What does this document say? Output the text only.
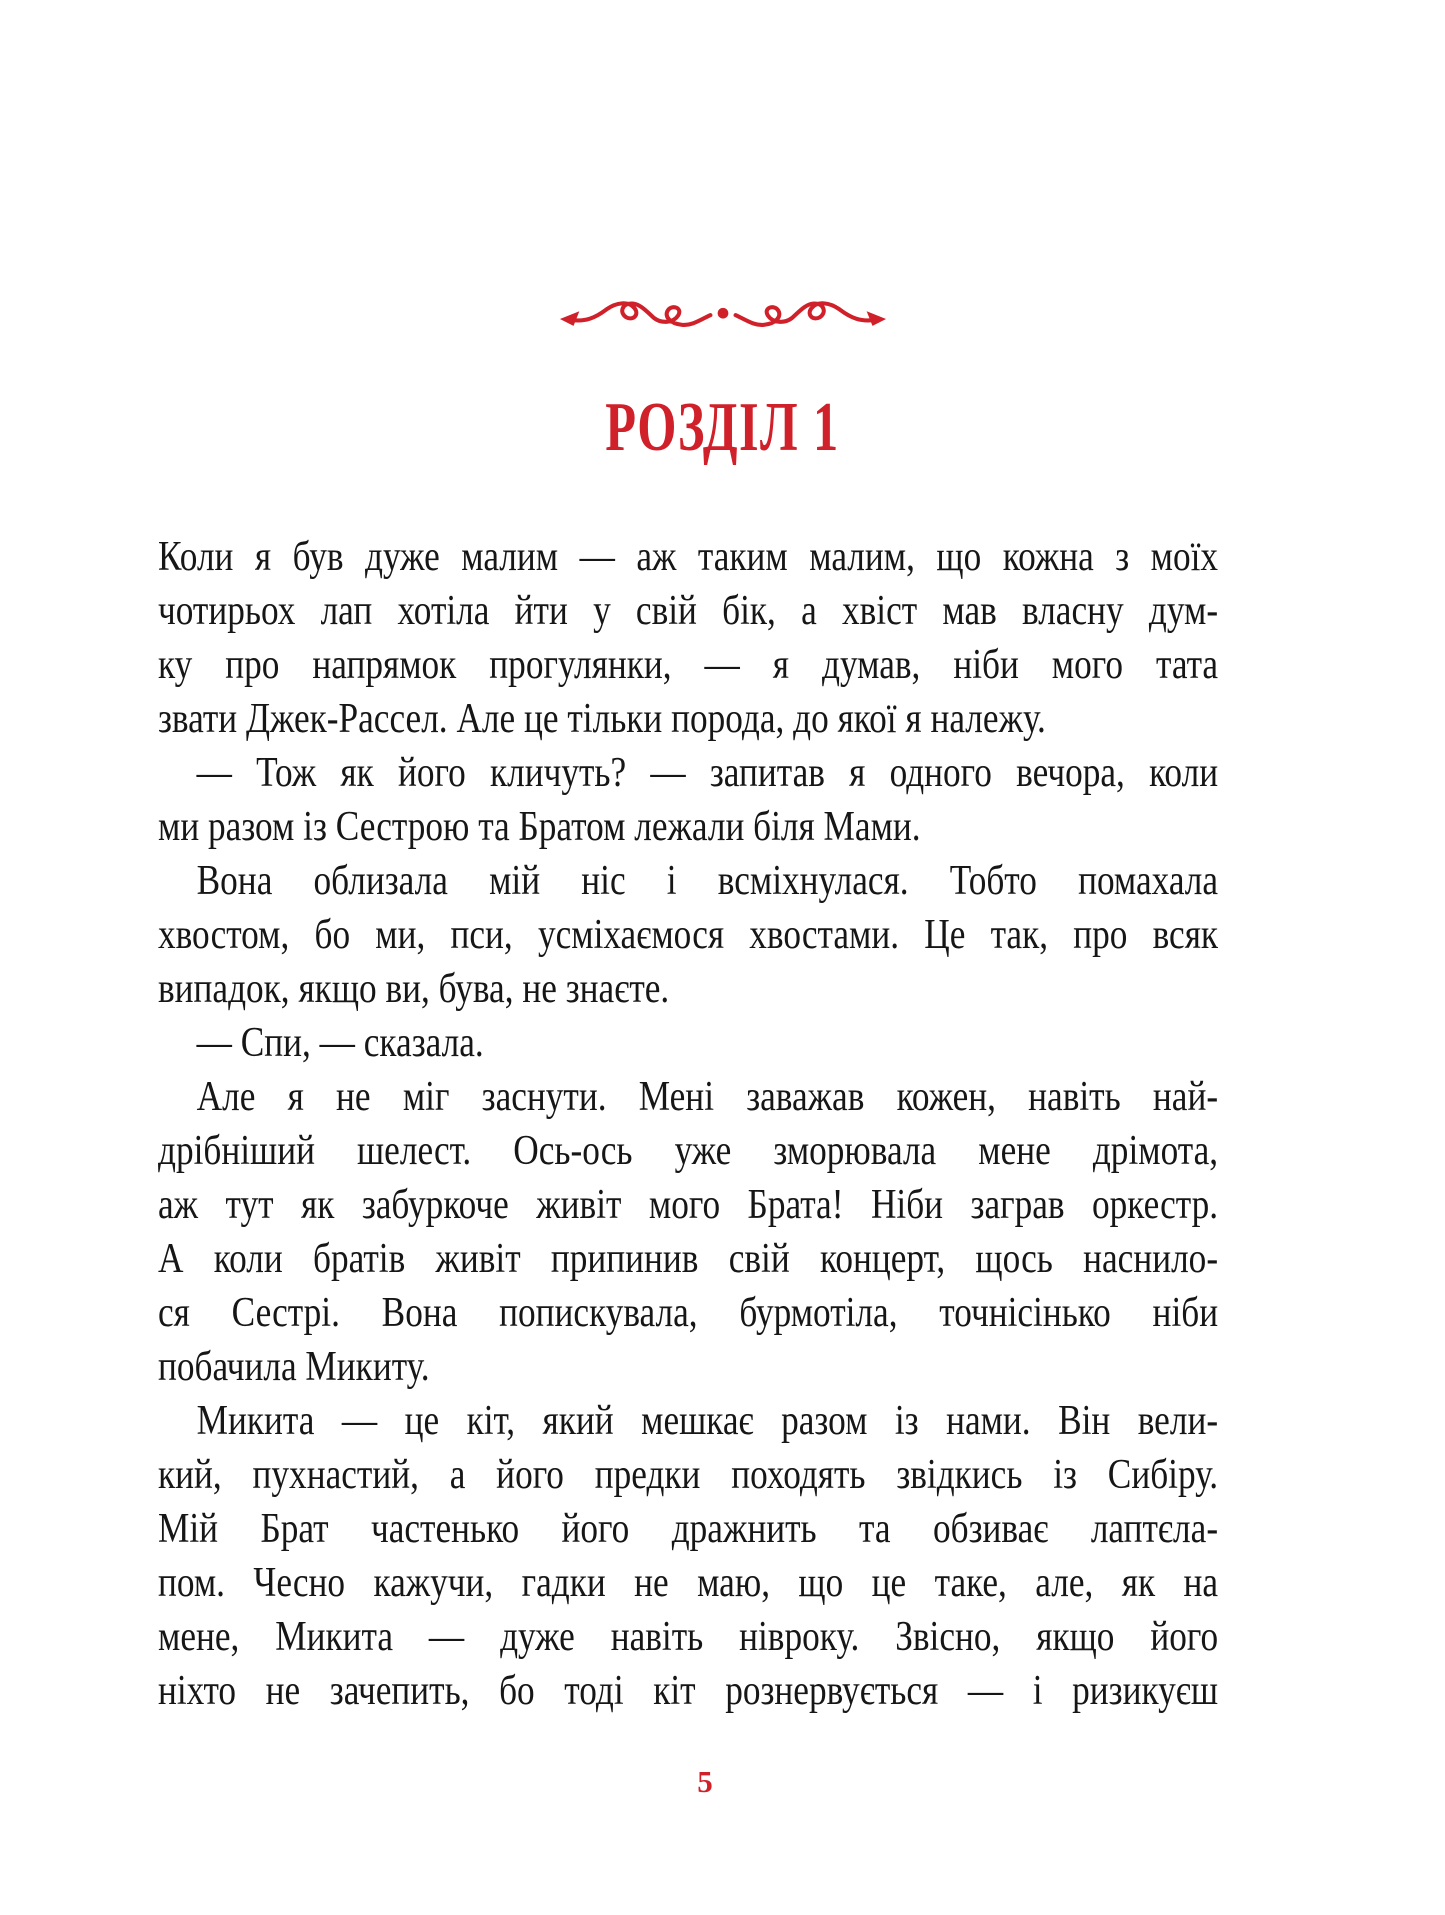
РОЗДІЛ 1
Коли я був дуже малим — аж таким малим, що кожна з моїх
чотирьох лап хотіла йти у свій бік, а хвіст мав власну дум-
ку про напрямок прогулянки, — я думав, ніби мого тата
звати Джек-Рассел. Але це тільки порода, до якої я належу.
— Тож як його кличуть? — запитав я одного вечора, коли
ми разом із Сестрою та Братом лежали біля Мами.
Вона облизала мій ніс і всміхнулася. Тобто помахала
хвостом, бо ми, пси, усміхаємося хвостами. Це так, про всяк
випадок, якщо ви, бува, не знаєте.
— Спи, — сказала.
Але я не міг заснути. Мені заважав кожен, навіть най-
дрібніший шелест. Ось-ось уже зморювала мене дрімота,
аж тут як забуркоче живіт мого Брата! Ніби заграв оркестр.
А коли братів живіт припинив свій концерт, щось наснило-
ся Сестрі. Вона попискувала, бурмотіла, точнісінько ніби
побачила Микиту.
Микита — це кіт, який мешкає разом із нами. Він вели-
кий, пухнастий, а його предки походять звідкись із Сибіру.
Мій Брат частенько його дражнить та обзиває лаптєла-
пом. Чесно кажучи, гадки не маю, що це таке, але, як на
мене, Микита — дуже навіть нівроку. Звісно, якщо його
ніхто не зачепить, бо тоді кіт рознервується — і ризикуєш
5
